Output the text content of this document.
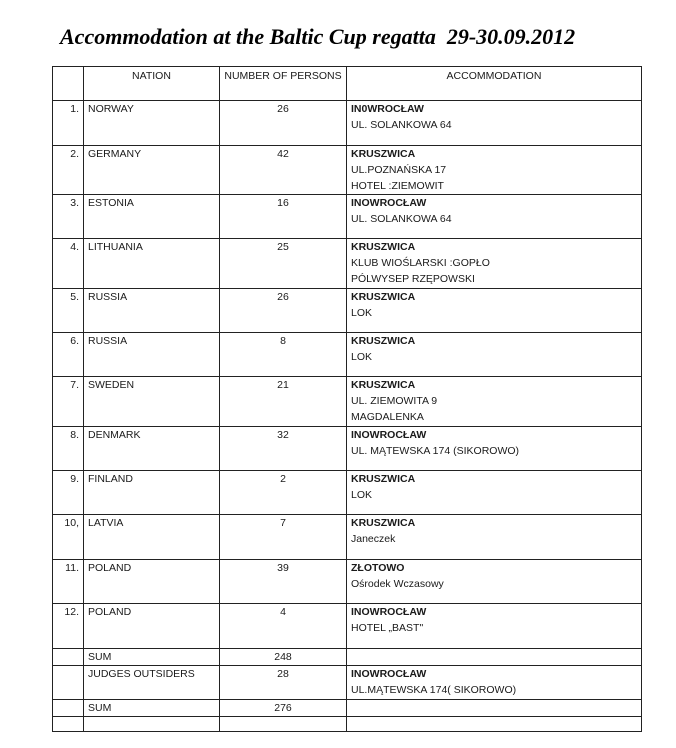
Accommodation at the Baltic Cup regatta  29-30.09.2012
	NATION	NUMBER OF PERSONS	ACCOMMODATION
1.	NORWAY	26	IN0WROCŁAW
UL. SOLANKOWA 64

2.	GERMANY	42	KRUSZWICA
UL.POZNAŃSKA 17
HOTEL :ZIEMOWIT

3.	ESTONIA	16	INOWROCŁAW
UL. SOLANKOWA 64

4.	LITHUANIA	25	KRUSZWICA
KLUB WIOŚLARSKI :GOPŁO
PÓLWYSEP RZĘPOWSKI

5.	RUSSIA	26	KRUSZWICA
LOK

6.	RUSSIA	8	KRUSZWICA
LOK

7.	SWEDEN	21	KRUSZWICA
UL. ZIEMOWITA 9
MAGDALENKA

8.	DENMARK	32	INOWROCŁAW
UL. MĄTEWSKA 174 (SIKOROWO)

9.	FINLAND	2	KRUSZWICA
LOK

10,	LATVIA	7	KRUSZWICA
Janeczek

11.	POLAND	39	ZŁOTOWO
Ośrodek Wczasowy

12.	POLAND	4	INOWROCŁAW
HOTEL „BAST"

	SUM	248	
	JUDGES OUTSIDERS	28	INOWROCŁAW
UL.MĄTEWSKA 174( SIKOROWO)

	SUM	276	
